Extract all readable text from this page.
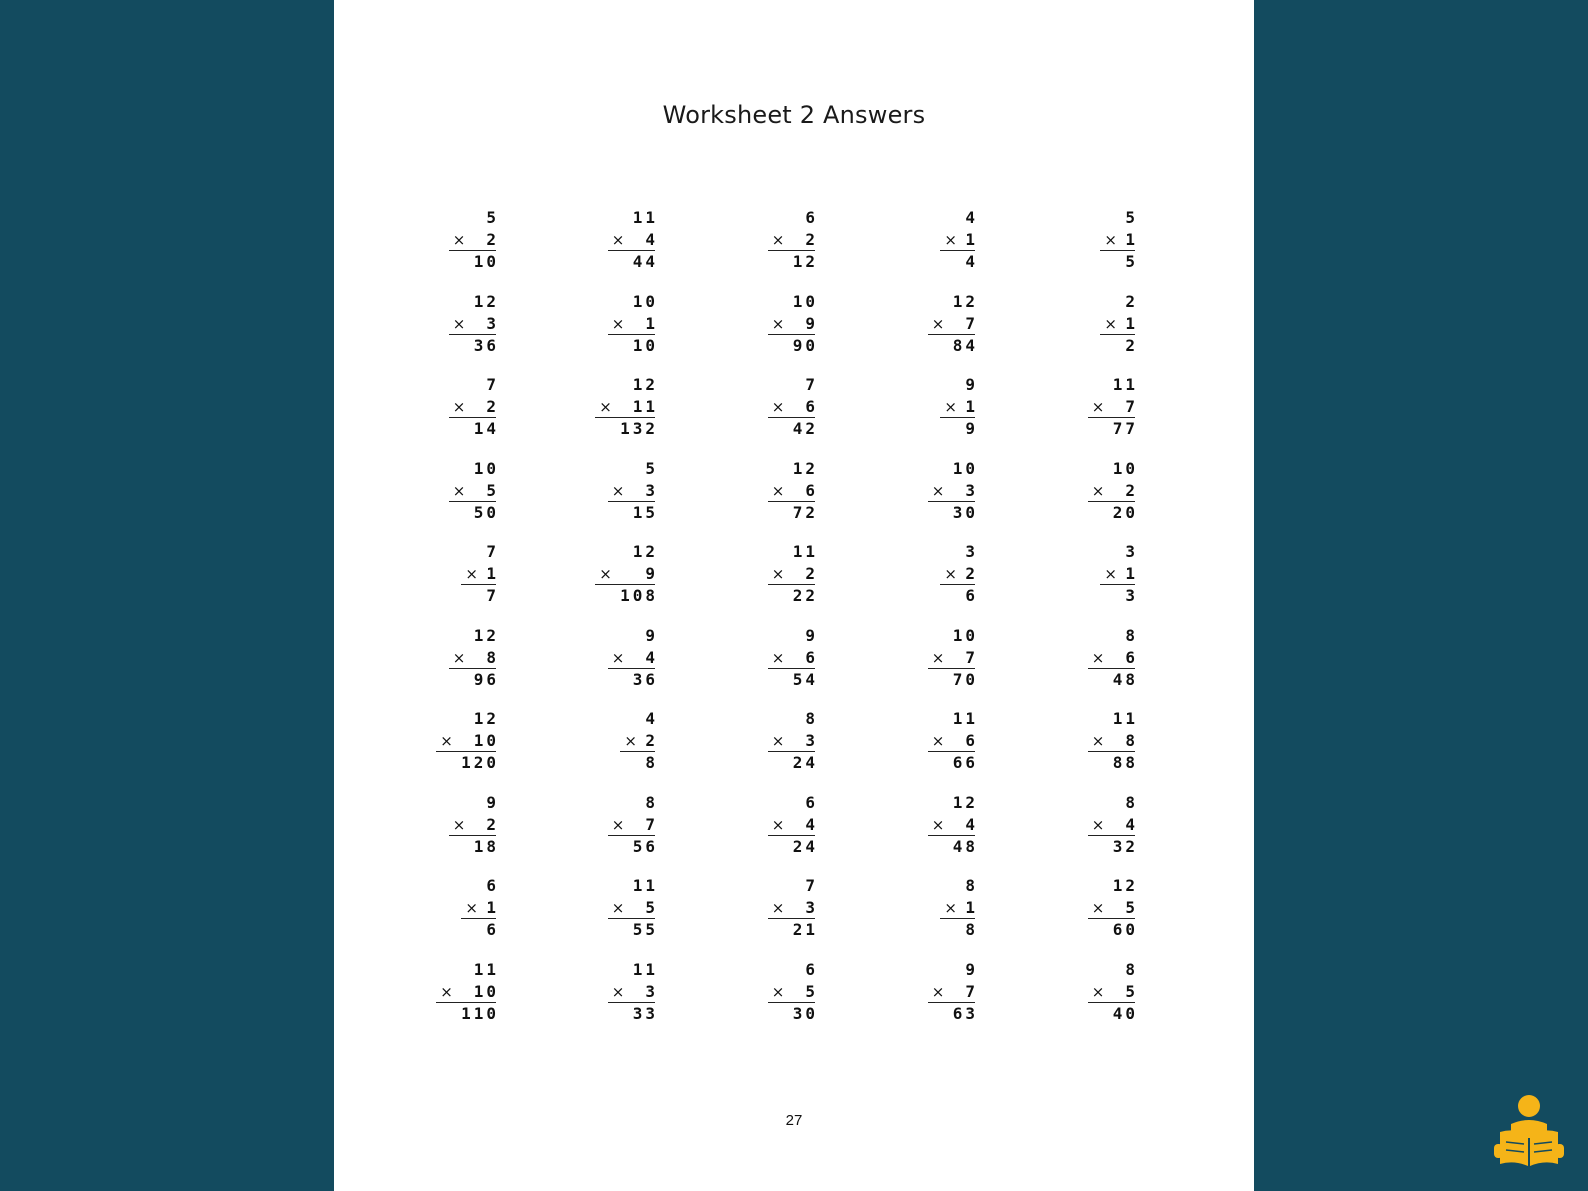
Worksheet 2 Answers
5
× 2
10
11
× 4
44
6
× 2
12
4
× 1
4
5
× 1
5
12
× 3
36
10
× 1
10
10
× 9
90
12
× 7
84
2
× 1
2
7
× 2
14
12
× 11
132
7
× 6
42
9
× 1
9
11
× 7
77
10
× 5
50
5
× 3
15
12
× 6
72
10
× 3
30
10
× 2
20
7
× 1
7
12
× 9
108
11
× 2
22
3
× 2
6
3
× 1
3
12
× 8
96
9
× 4
36
9
× 6
54
10
× 7
70
8
× 6
48
12
× 10
120
4
× 2
8
8
× 3
24
11
× 6
66
11
× 8
88
9
× 2
18
8
× 7
56
6
× 4
24
12
× 4
48
8
× 4
32
6
× 1
6
11
× 5
55
7
× 3
21
8
× 1
8
12
× 5
60
11
× 10
110
11
× 3
33
6
× 5
30
9
× 7
63
8
× 5
40
27
